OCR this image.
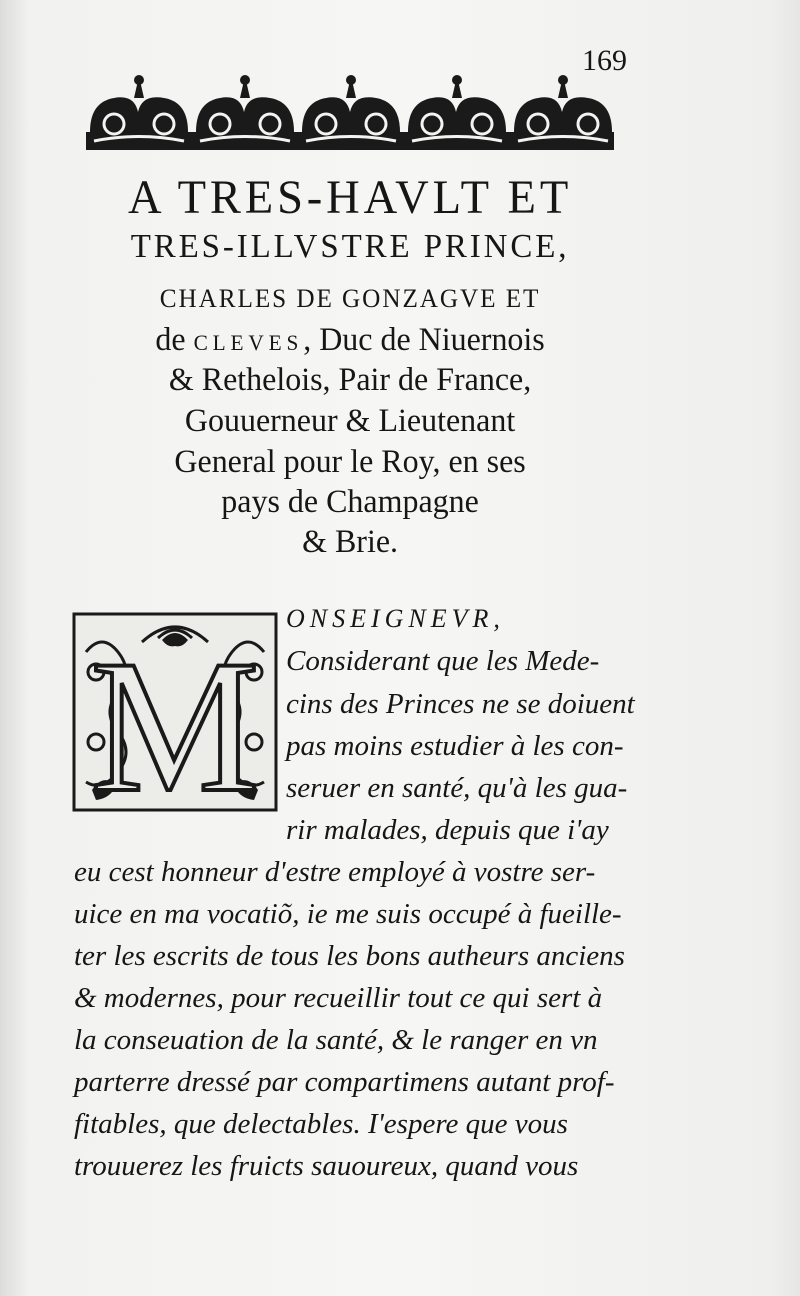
169
A TRES-HAVLT ET
TRES-ILLVSTRE PRINCE,
CHARLES DE GONZAGVE ET
de CLEVES, Duc de Niuernois
& Rethelois, Pair de France,
Gouuerneur & Lieutenant
General pour le Roy, en ses
pays de Champagne
& Brie.
M
ONSEIGNEVR,
Considerant que les Mede-
cins des Princes ne se doiuent
pas moins estudier à les con-
seruer en santé, qu'à les gua-
rir malades, depuis que i'ay
eu cest honneur d'estre employé à vostre ser-
uice en ma vocatiõ, ie me suis occupé à fueille-
ter les escrits de tous les bons autheurs anciens
& modernes, pour recueillir tout ce qui sert à
la conseuation de la santé, & le ranger en vn
parterre dressé par compartimens autant prof-
fitables, que delectables. I'espere que vous
trouuerez les fruicts sauoureux, quand vous
